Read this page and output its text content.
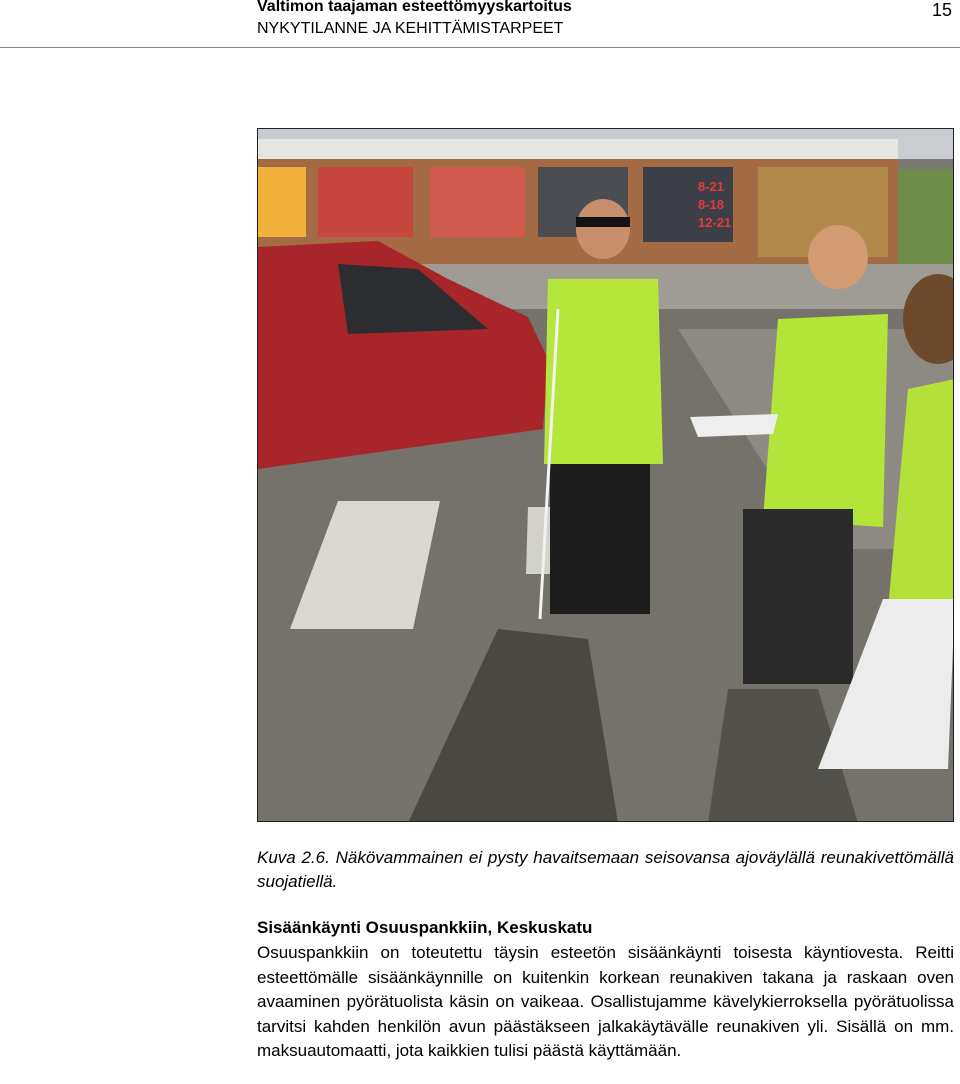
Valtimon taajaman esteettömyyskartoitus
NYKYTILANNE JA KEHITTÄMISTARPEET
15
8-21
8-18
12-21
Kuva 2.6. Näkövammainen ei pysty havaitsemaan seisovansa ajoväylällä reunakivettömällä suojatiellä.
Sisäänkäynti Osuuspankkiin, Keskuskatu
Osuuspankkiin on toteutettu täysin esteetön sisäänkäynti toisesta käyntiovesta. Reitti esteettömälle sisäänkäynnille on kuitenkin korkean reunakiven takana ja raskaan oven avaaminen pyörätuolista käsin on vaikeaa. Osallistujamme kävelykierroksella pyörätuolissa tarvitsi kahden henkilön avun päästäkseen jalkakäytävälle reunakiven yli. Sisällä on mm. maksuautomaatti, jota kaikkien tulisi päästä käyttämään.
